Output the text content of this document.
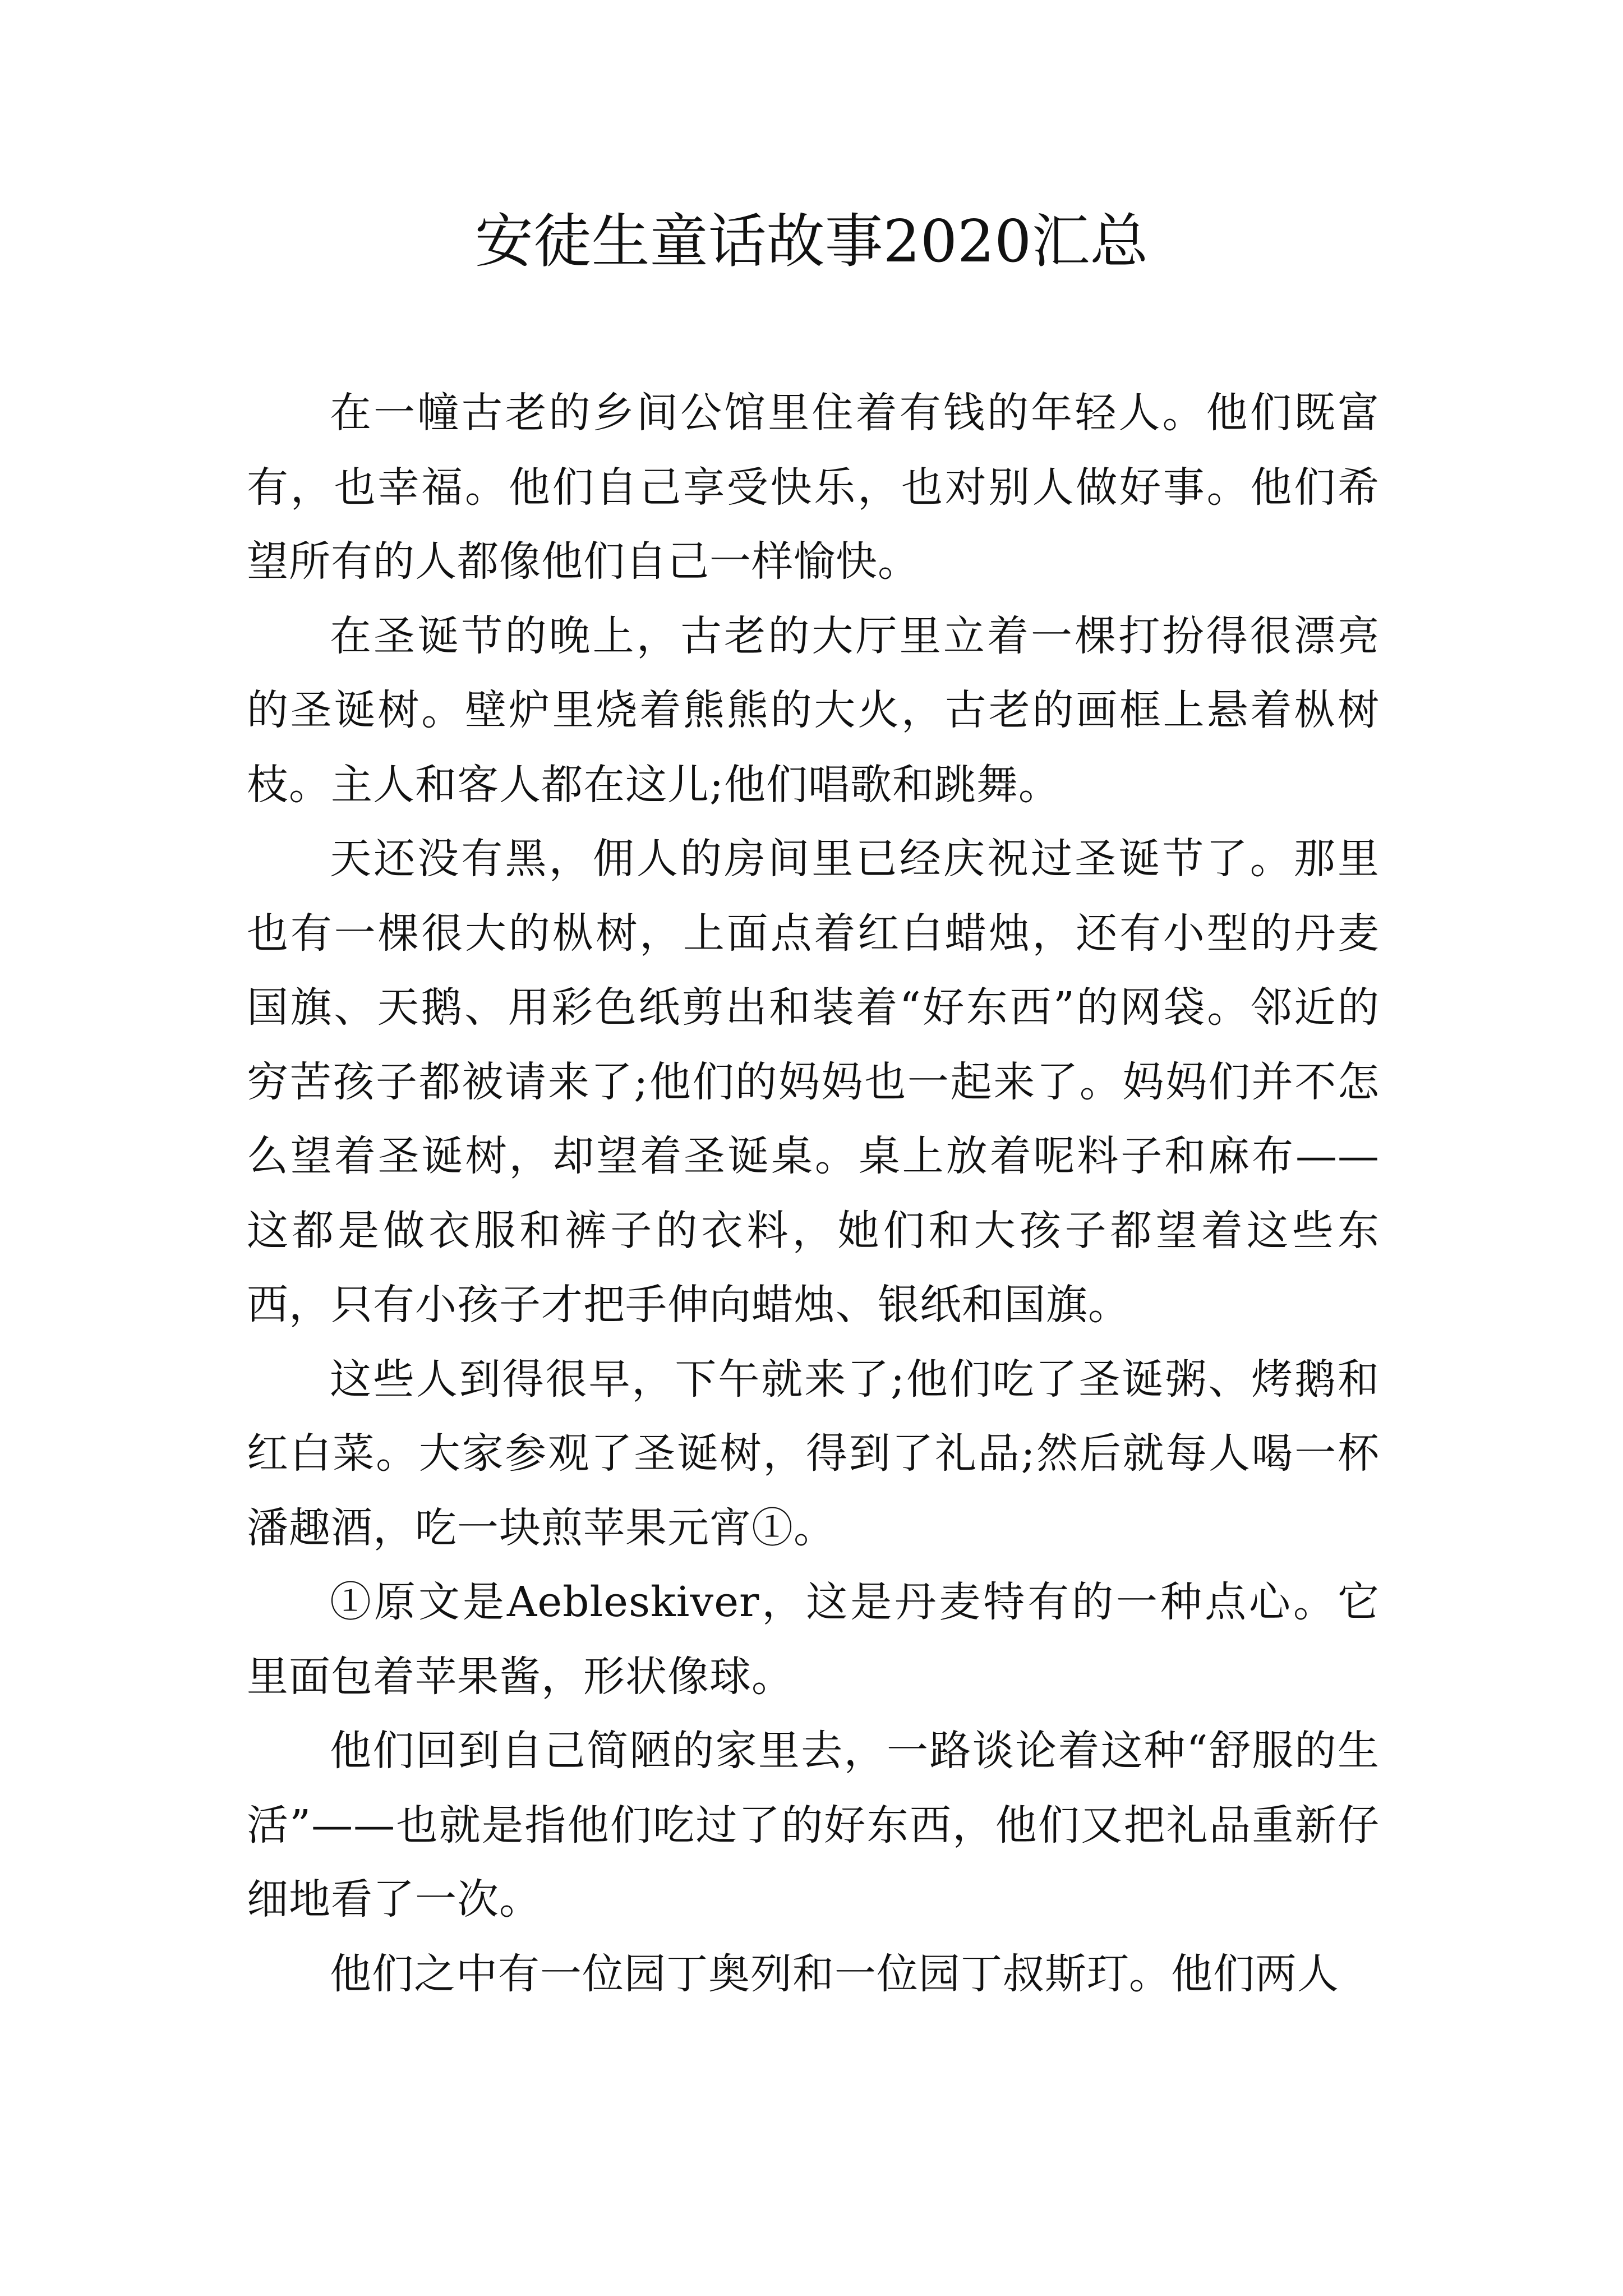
安徒生童话故事2020汇总

在一幢古老的乡间公馆里住着有钱的年轻人。他们既富有，也幸福。他们自己享受快乐，也对别人做好事。他们希望所有的人都像他们自己一样愉快。

在圣诞节的晚上，古老的大厅里立着一棵打扮得很漂亮的圣诞树。壁炉里烧着熊熊的大火，古老的画框上悬着枞树枝。主人和客人都在这儿;他们唱歌和跳舞。

天还没有黑，佣人的房间里已经庆祝过圣诞节了。那里也有一棵很大的枞树，上面点着红白蜡烛，还有小型的丹麦国旗、天鹅、用彩色纸剪出和装着“好东西”的网袋。邻近的穷苦孩子都被请来了;他们的妈妈也一起来了。妈妈们并不怎么望着圣诞树，却望着圣诞桌。桌上放着呢料子和麻布——这都是做衣服和裤子的衣料，她们和大孩子都望着这些东西，只有小孩子才把手伸向蜡烛、银纸和国旗。

这些人到得很早，下午就来了;他们吃了圣诞粥、烤鹅和红白菜。大家参观了圣诞树，得到了礼品;然后就每人喝一杯潘趣酒，吃一块煎苹果元宵①。

①原文是Aebleskiver，这是丹麦特有的一种点心。它里面包着苹果酱，形状像球。

他们回到自己简陋的家里去，一路谈论着这种“舒服的生活”——也就是指他们吃过了的好东西，他们又把礼品重新仔细地看了一次。

他们之中有一位园丁奥列和一位园丁叔斯玎。他们两人
